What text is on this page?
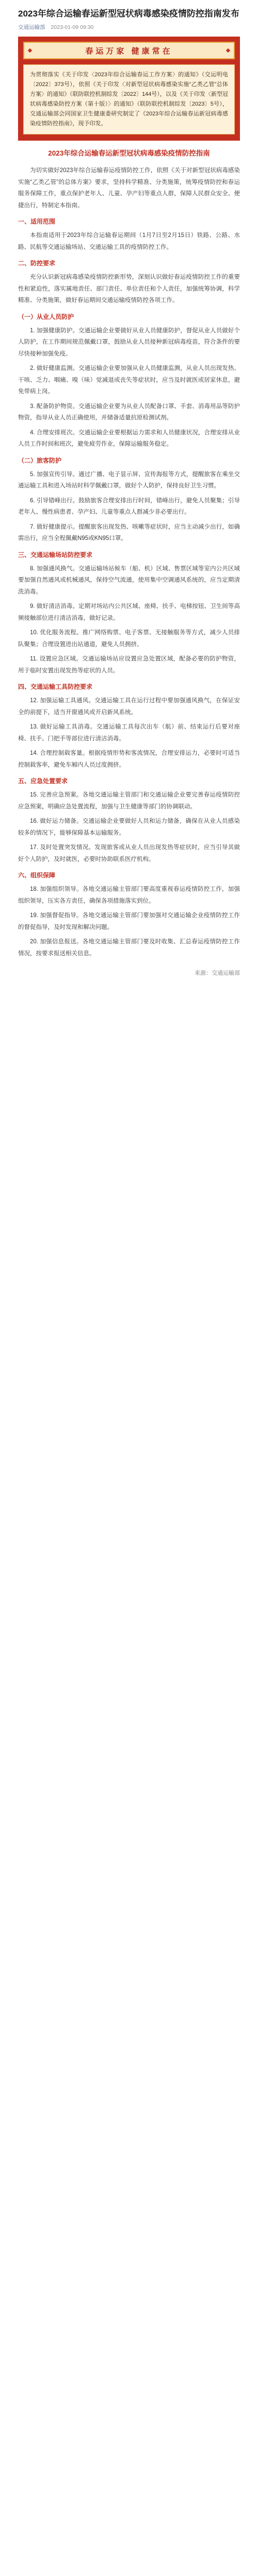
2023年综合运输春运新型冠状病毒感染疫情防控指南发布
交通运输部 2023-01-09 09:30
春运万家 健康常在
为贯彻落实《关于印发〈2023年综合运输春运工作方案〉的通知》（交运明电〔2022〕373号），依照《关于印发〈对新型冠状病毒感染实施“乙类乙管”总体方案〉的通知》（联防联控机制综发〔2022〕144号），以及《关于印发〈新型冠状病毒感染防控方案（第十版）〉的通知》（联防联控机制综发〔2023〕5号），交通运输部会同国家卫生健康委研究制定了《2023年综合运输春运新冠病毒感染疫情防控指南》，现予印发。
2023年综合运输春运新型冠状病毒感染疫情防控指南

为切实做好2023年综合运输春运疫情防控工作，依照《关于对新型冠状病毒感染实施“乙类乙管”的总体方案》要求，坚持科学精准、分类施策，统筹疫情防控和春运服务保障工作，重点保护老年人、儿童、孕产妇等重点人群，保障人民群众安全、便捷出行，特制定本指南。

一、适用范围

本指南适用于2023年综合运输春运期间（1月7日至2月15日）铁路、公路、水路、民航等交通运输场站、交通运输工具的疫情防控工作。

二、防控要求

充分认识新冠病毒感染疫情防控新形势，深刻认识做好春运疫情防控工作的重要性和紧迫性，落实属地责任、部门责任、单位责任和个人责任，加强统筹协调，科学精准、分类施策，做好春运期间交通运输疫情防控各项工作。

（一）从业人员防护

1. 加强健康防护。交通运输企业要做好从业人员健康防护，督促从业人员做好个人防护，在工作期间规范佩戴口罩，鼓励从业人员接种新冠病毒疫苗，符合条件的要尽快接种加强免疫。

2. 做好健康监测。交通运输企业要加强从业人员健康监测，从业人员出现发热、干咳、乏力、咽痛、嗅（味）觉减退或丧失等症状时，应当及时就医或居家休息，避免带病上岗。

3. 配备防护物资。交通运输企业要为从业人员配备口罩、手套、消毒用品等防护物资，指导从业人员正确使用，并储备适量抗原检测试剂。

4. 合理安排班次。交通运输企业要根据运力需求和人员健康状况，合理安排从业人员工作时间和班次，避免疲劳作业，保障运输服务稳定。

（二）旅客防护

5. 加强宣传引导。通过广播、电子显示屏、宣传海报等方式，提醒旅客在乘坐交通运输工具和进入场站时科学佩戴口罩，做好个人防护，保持良好卫生习惯。

6. 引导错峰出行。鼓励旅客合理安排出行时间，错峰出行，避免人员聚集；引导老年人、慢性病患者、孕产妇、儿童等重点人群减少非必要出行。

7. 做好健康提示。提醒旅客出现发热、咳嗽等症状时，应当主动减少出行，如确需出行，应当全程佩戴N95或KN95口罩。

三、交通运输场站防控要求

8. 加强通风换气。交通运输场站候车（船、机）区域、售票区域等室内公共区域要加强自然通风或机械通风，保持空气流通，使用集中空调通风系统的，应当定期清洗消毒。

9. 做好清洁消毒。定期对场站内公共区域、座椅、扶手、电梯按钮、卫生间等高频接触部位进行清洁消毒，做好记录。

10. 优化服务流程。推广网络购票、电子客票、无接触服务等方式，减少人员排队聚集；合理设置进出站通道，避免人员拥挤。

11. 设置应急区域。交通运输场站应设置应急处置区域，配备必要的防护物资，用于临时安置出现发热等症状的人员。

四、交通运输工具防控要求

12. 加强运输工具通风。交通运输工具在运行过程中要加强通风换气，在保证安全的前提下，适当开窗通风或开启新风系统。

13. 做好运输工具消毒。交通运输工具每次出车（航）前、结束运行后要对座椅、扶手、门把手等部位进行清洁消毒。

14. 合理控制载客量。根据疫情形势和客流情况，合理安排运力，必要时可适当控制载客率，避免车厢内人员过度拥挤。

五、应急处置要求

15. 完善应急预案。各地交通运输主管部门和交通运输企业要完善春运疫情防控应急预案，明确应急处置流程，加强与卫生健康等部门的协调联动。

16. 做好运力储备。交通运输企业要做好人员和运力储备，确保在从业人员感染较多的情况下，能够保障基本运输服务。

17. 及时处置突发情况。发现旅客或从业人员出现发热等症状时，应当引导其做好个人防护，及时就医，必要时协助联系医疗机构。

六、组织保障

18. 加强组织领导。各地交通运输主管部门要高度重视春运疫情防控工作，加强组织领导，压实各方责任，确保各项措施落实到位。

19. 加强督促指导。各地交通运输主管部门要加强对交通运输企业疫情防控工作的督促指导，及时发现和解决问题。

20. 加强信息报送。各地交通运输主管部门要及时收集、汇总春运疫情防控工作情况，按要求报送相关信息。

来源：交通运输部
